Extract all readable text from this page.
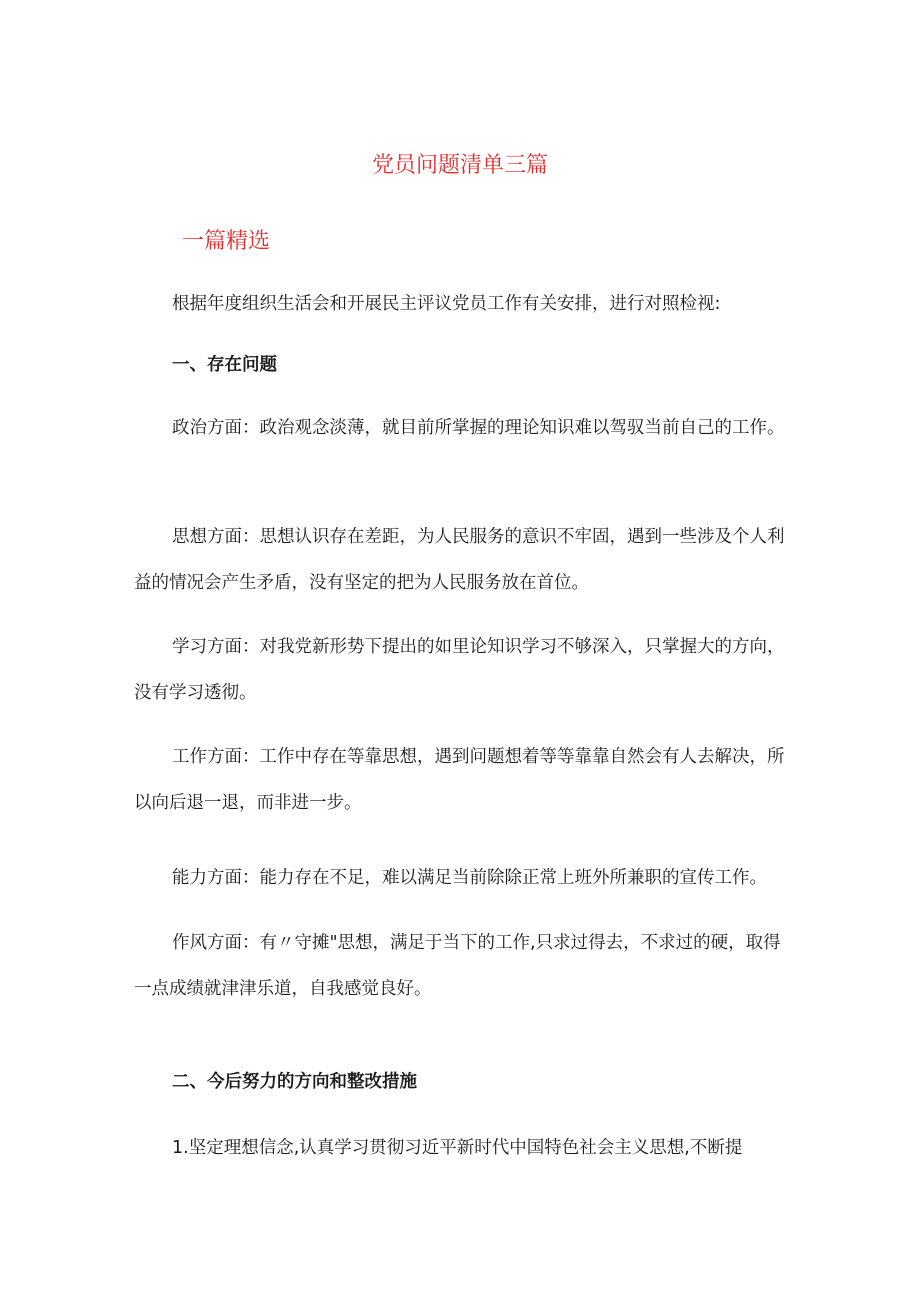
党员问题清单三篇
一篇精选

根据年度组织生活会和开展民主评议党员工作有关安排，进行对照检视:

一、存在问题

政治方面：政治观念淡薄，就目前所掌握的理论知识难以驾驭当前自己的工作。

思想方面：思想认识存在差距，为人民服务的意识不牢固，遇到一些涉及个人利益的情况会产生矛盾，没有坚定的把为人民服务放在首位。

学习方面：对我党新形势下提出的如里论知识学习不够深入，只掌握大的方向，没有学习透彻。

工作方面：工作中存在等靠思想，遇到问题想着等等靠靠自然会有人去解决，所以向后退一退，而非进一步。

能力方面：能力存在不足，难以满足当前除除正常上班外所兼职的宣传工作。

作风方面：有〃守摊"思想，满足于当下的工作,只求过得去，不求过的硬，取得一点成绩就津津乐道，自我感觉良好。

二、今后努力的方向和整改措施

1.坚定理想信念,认真学习贯彻习近平新时代中国特色社会主义思想,不断提
